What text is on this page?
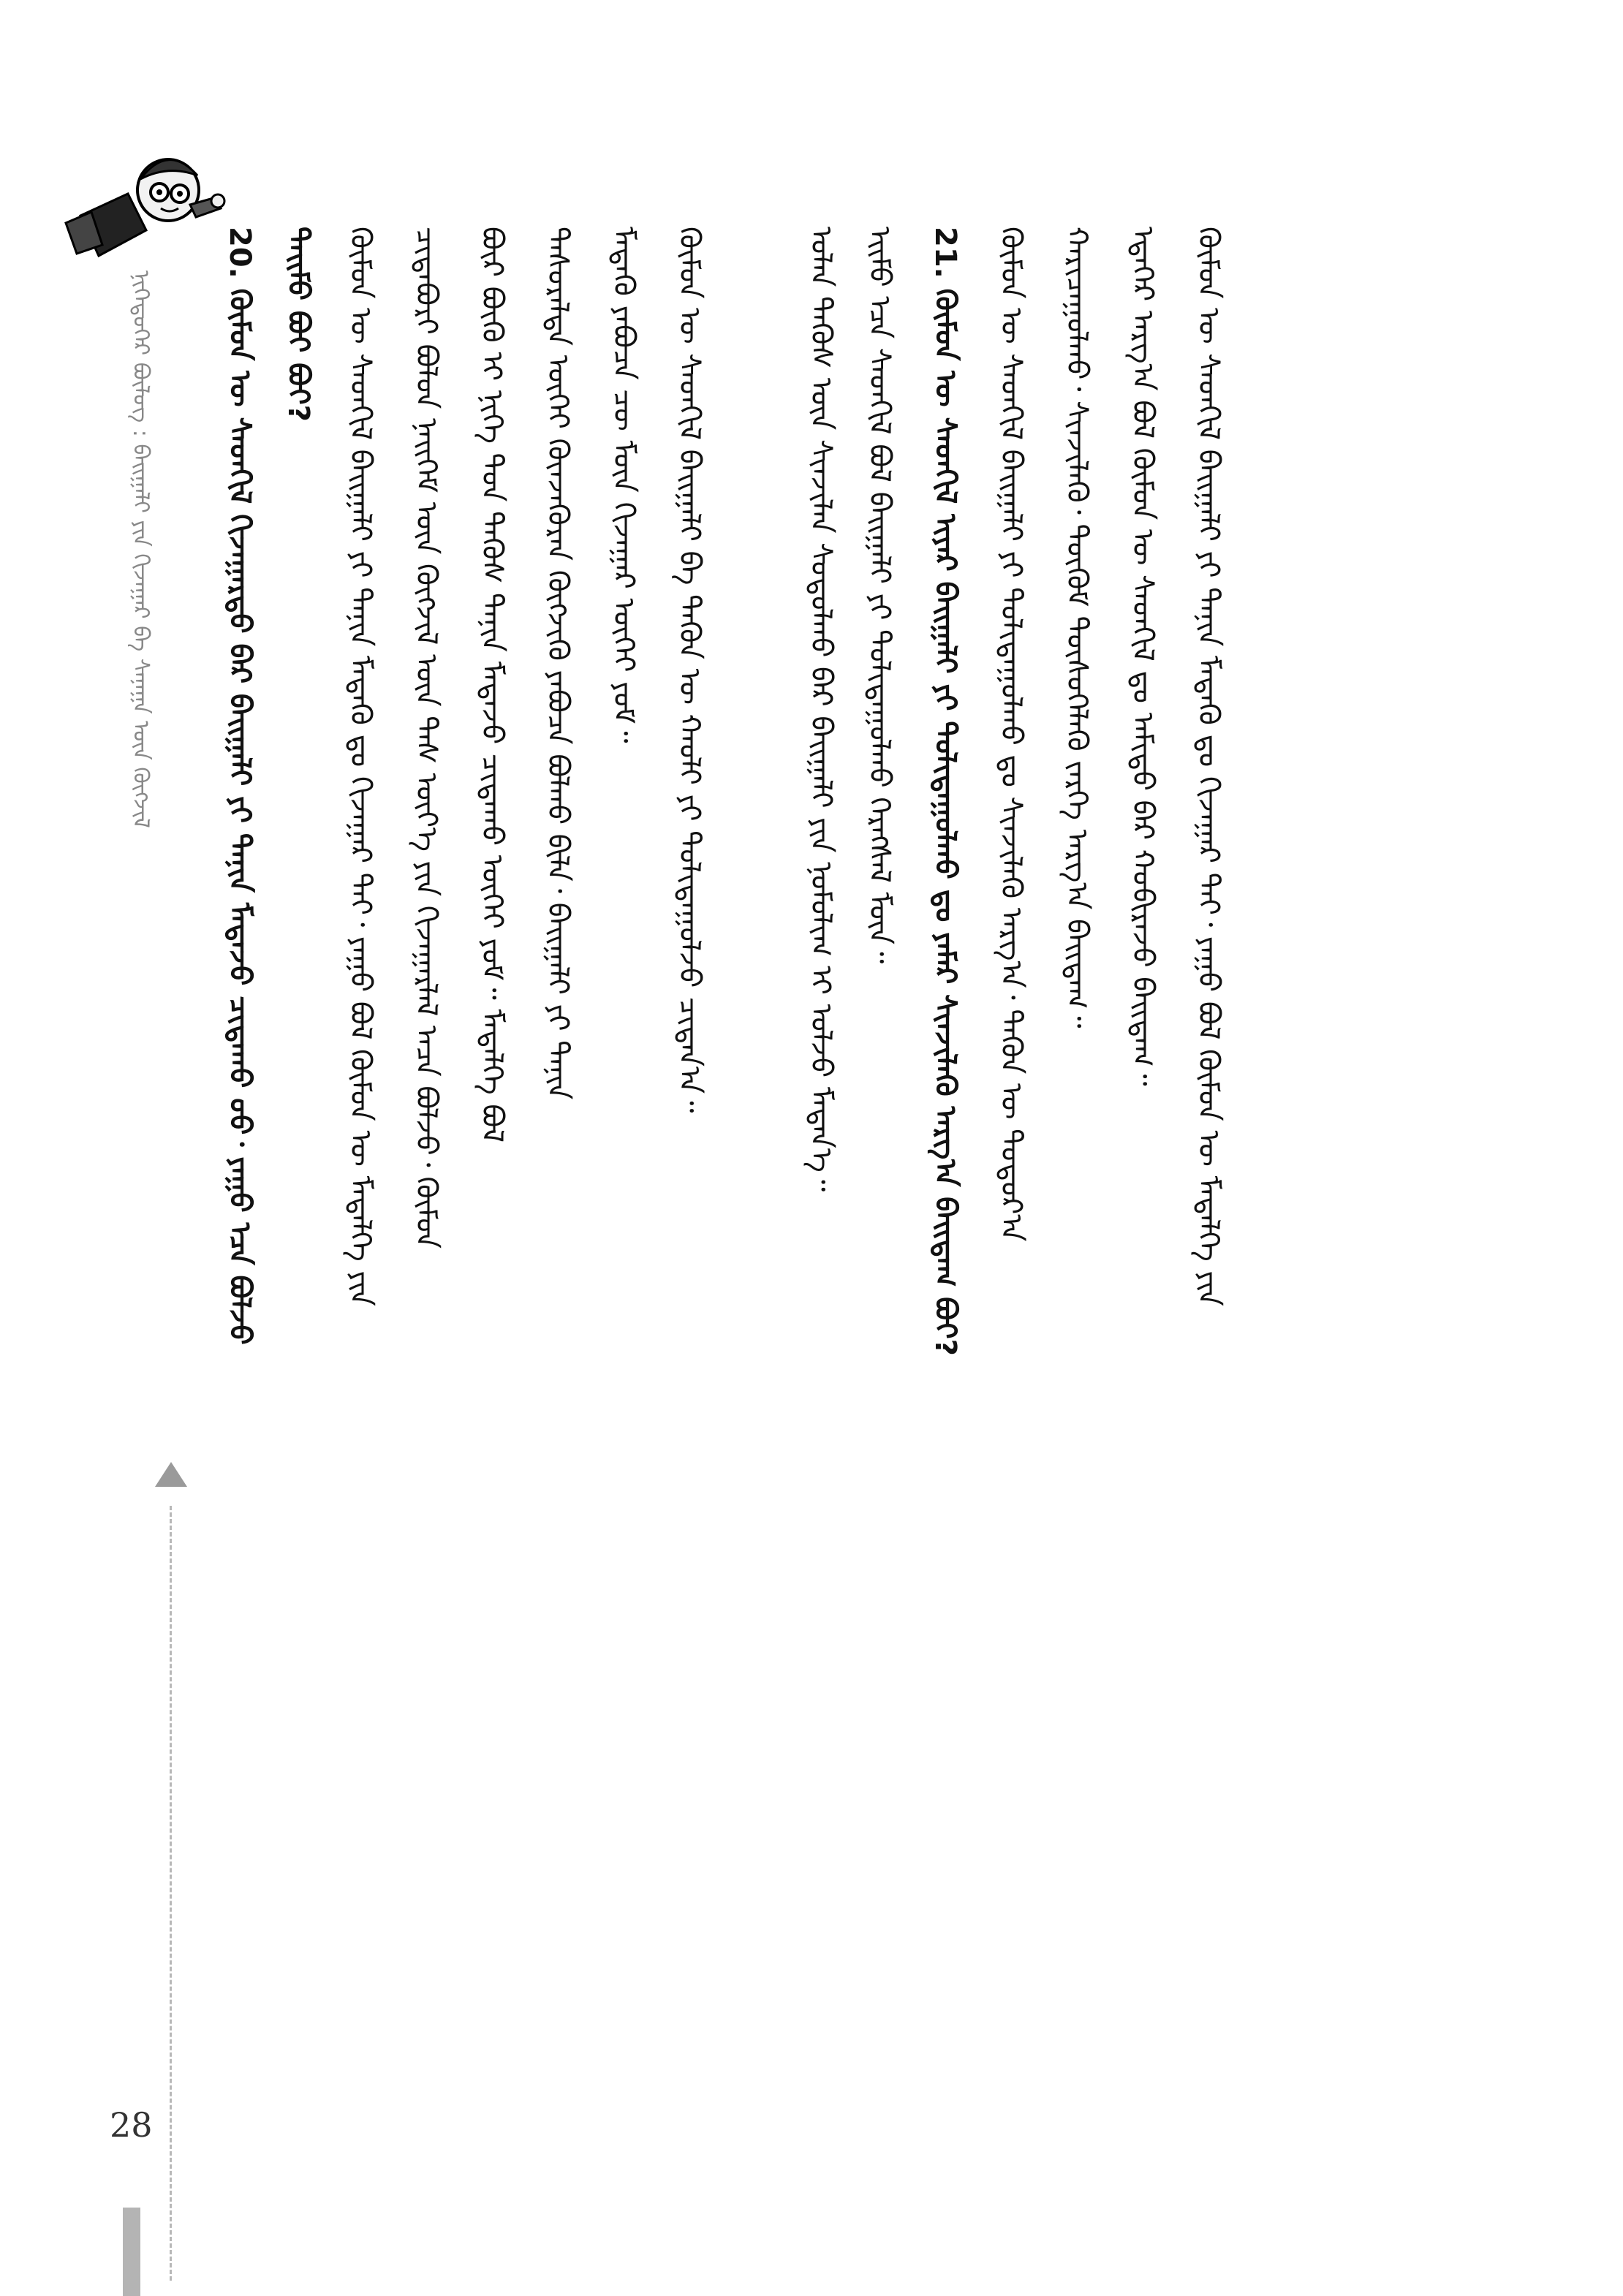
ᠨᠢᠭᠡᠳᠦᠭᠡᠷ ᠪᠦᠯᠦᠭ : ᠪᠠᠢᠭᠠᠯᠢ ᠶᠢᠨ ᠬᠢᠵᠠᠭᠠᠷ ᠪᠠ ᠰᠠᠨᠠᠭᠠ ᠦᠨ ᠬᠦᠭᠵᠢᠯ
20. ᠬᠦᠮᠦᠨ ᠦ ᠰᠡᠳᠬᠢᠯ ᠬᠢᠵᠠᠭᠠᠷᠲᠤ ᠪᠡᠷ ᠪᠠᠢᠭᠠᠯᠢ ᠶᠢ ᠲᠠᠨᠢᠨ ᠮᠡᠳᠡᠵᠦ ᠴᠢᠳᠠᠬᠤ ᠤᠤ᠂ ᠶᠠᠭᠤ ᠡᠴᠡ ᠪᠣᠯᠵᠤ ᠲᠡᠢᠮᠦ ᠪᠤᠢ ᠪᠤᠢ? ᠬᠦᠮᠦᠨ ᠦ ᠰᠡᠳᠬᠢᠯ ᠪᠠᠢᠭᠠᠯᠢ ᠶᠢ ᠲᠠᠨᠢᠨ ᠮᠡᠳᠡᠬᠦ ᠳᠤ ᠬᠢᠵᠠᠭᠠᠷ ᠲᠠᠢ᠂ ᠶᠠᠭᠤ ᠪᠣᠯ ᠬᠦᠮᠦᠨ ᠦ ᠮᠡᠳᠡᠯᠭᠡ ᠶᠢᠨ ᠴᠢᠳᠠᠪᠤᠷᠢ ᠪᠣᠯᠤᠨ ᠨᠡᠢᠭᠡᠮ ᠦᠨ ᠬᠦᠭᠵᠢᠯ ᠦᠨ ᠳᠡᠰ ᠦᠶ᠎ᠡ ᠶᠢᠨ ᠬᠢᠵᠠᠭᠠᠷᠯᠠᠯ ᠠᠴᠠ ᠪᠣᠯᠵᠤ᠂ ᠬᠦᠮᠦᠨ ᠪᠦᠷ ᠪᠦᠬᠦ ᠢ ᠨᠢᠭᠡ ᠳᠤᠨ ᠲᠡᠭᠦᠰ ᠲᠠᠨᠢᠨ ᠮᠡᠳᠡᠵᠦ ᠴᠢᠳᠠᠬᠤ ᠦᠭᠡᠢ ᠶᠤᠮ᠃ ᠮᠡᠳᠡᠯᠭᠡ ᠪᠣᠯ ᠲᠠᠰᠤᠷᠠᠯᠲᠠ ᠦᠭᠡᠢ ᠭᠦᠨᠵᠡᠭᠦᠷᠡᠨ ᠬᠦᠭᠵᠢᠬᠦ ᠶᠠᠪᠤᠴᠠ ᠪᠣᠯᠬᠤ ᠪᠢᠯᠡ᠂ ᠪᠠᠢᠭᠠᠯᠢ ᠶᠢ ᠲᠠᠨᠢᠨ ᠮᠡᠳᠡᠬᠦ ᠶᠠᠪᠤᠴᠠ ᠴᠦ ᠮᠦᠨ ᠬᠢᠵᠠᠭᠠᠷ ᠦᠭᠡᠢ ᠶᠤᠮ᠃ ᠬᠦᠮᠦᠨ ᠦ ᠰᠡᠳᠬᠢᠯ ᠪᠠᠢᠭᠠᠯᠢ ᠪᠠ ᠲᠡᠭᠦᠨ ᠦ ᠬᠠᠤᠯᠢ ᠶᠢ ᠲᠤᠯᠢᠳᠠᠭᠤᠯᠵᠤ ᠴᠢᠳᠠᠨ᠎ᠠ᠃	21. ᠬᠦᠮᠦᠨ ᠦ ᠰᠡᠳᠬᠢᠯ ᠢᠶᠡᠷ ᠪᠠᠢᠭᠠᠯᠢ ᠶᠢ ᠲᠤᠯᠢᠳᠠᠭᠤᠯᠬᠤ ᠳᠤ ᠶᠠᠮᠠᠷ ᠰᠢᠨᠵᠢᠯᠡᠬᠦ ᠠᠷᠭ᠎ᠠ ᠪᠠᠢᠳᠠᠭ ᠪᠤᠢ?
ᠣᠯᠠᠨ ᠲᠡᠭᠦᠰ ᠦᠨ ᠰᠢᠨᠵᠢᠯᠡᠨ ᠰᠤᠳᠤᠯᠬᠤ ᠪᠠᠷ ᠪᠠᠢᠭᠠᠯᠢ ᠶᠢᠨ ᠨᠣᠮᠤᠯᠢᠭ ᠢ ᠤᠯᠵᠤ ᠮᠡᠳᠡᠨ᠎ᠡ᠃ ᠡᠢᠮᠦ ᠡᠴᠡ ᠰᠡᠳᠬᠢᠯ ᠪᠣᠯ ᠪᠠᠢᠭᠠᠯᠢ ᠶᠢ ᠲᠤᠯᠢᠳᠠᠭᠤᠯᠬᠤ ᠬᠡᠷᠡᠭᠰᠡᠯ ᠮᠥᠨ᠃	ᠬᠦᠮᠦᠨ ᠦ ᠰᠡᠳᠬᠢᠯ ᠪᠠᠢᠭᠠᠯᠢ ᠶᠢ ᠲᠤᠯᠢᠳᠠᠭᠤᠯᠬᠤ ᠳᠤ ᠰᠢᠨᠵᠢᠯᠡᠬᠦ ᠠᠷᠭ᠎ᠠ᠂ ᠲᠡᠭᠦᠨ ᠦ ᠳᠣᠲᠣᠷ᠎ᠠ ᠬᠠᠷᠢᠴᠠᠭᠤᠯᠬᠤ᠂ ᠰᠢᠨᠵᠢᠯᠡᠬᠦ᠂ ᠳᠦᠭᠦᠮ ᠳᠦᠰᠦᠭᠡᠯᠡᠬᠦ ᠵᠡᠷᠭᠡ ᠠᠷᠭ᠎ᠠ ᠪᠠᠢᠳᠠᠭ᠃ ᠡᠳᠡᠭᠡᠷ ᠠᠷᠭ᠎ᠠ ᠪᠣᠯ ᠬᠦᠮᠦᠨ ᠦ ᠰᠡᠳᠬᠢᠯ ᠳᠤ ᠠᠮᠢᠳᠤ ᠪᠡᠷ ᠬᠤᠪᠢᠷᠠᠵᠤ ᠪᠠᠢᠳᠠᠭ᠃ ᠬᠦᠮᠦᠨ ᠦ ᠰᠡᠳᠬᠢᠯ ᠪᠠᠢᠭᠠᠯᠢ ᠶᠢ ᠲᠠᠨᠢᠨ ᠮᠡᠳᠡᠬᠦ ᠳᠤ ᠬᠢᠵᠠᠭᠠᠷ ᠲᠠᠢ᠂ ᠶᠠᠭᠤ ᠪᠣᠯ ᠬᠦᠮᠦᠨ ᠦ ᠮᠡᠳᠡᠯᠭᠡ ᠶᠢᠨ
28
